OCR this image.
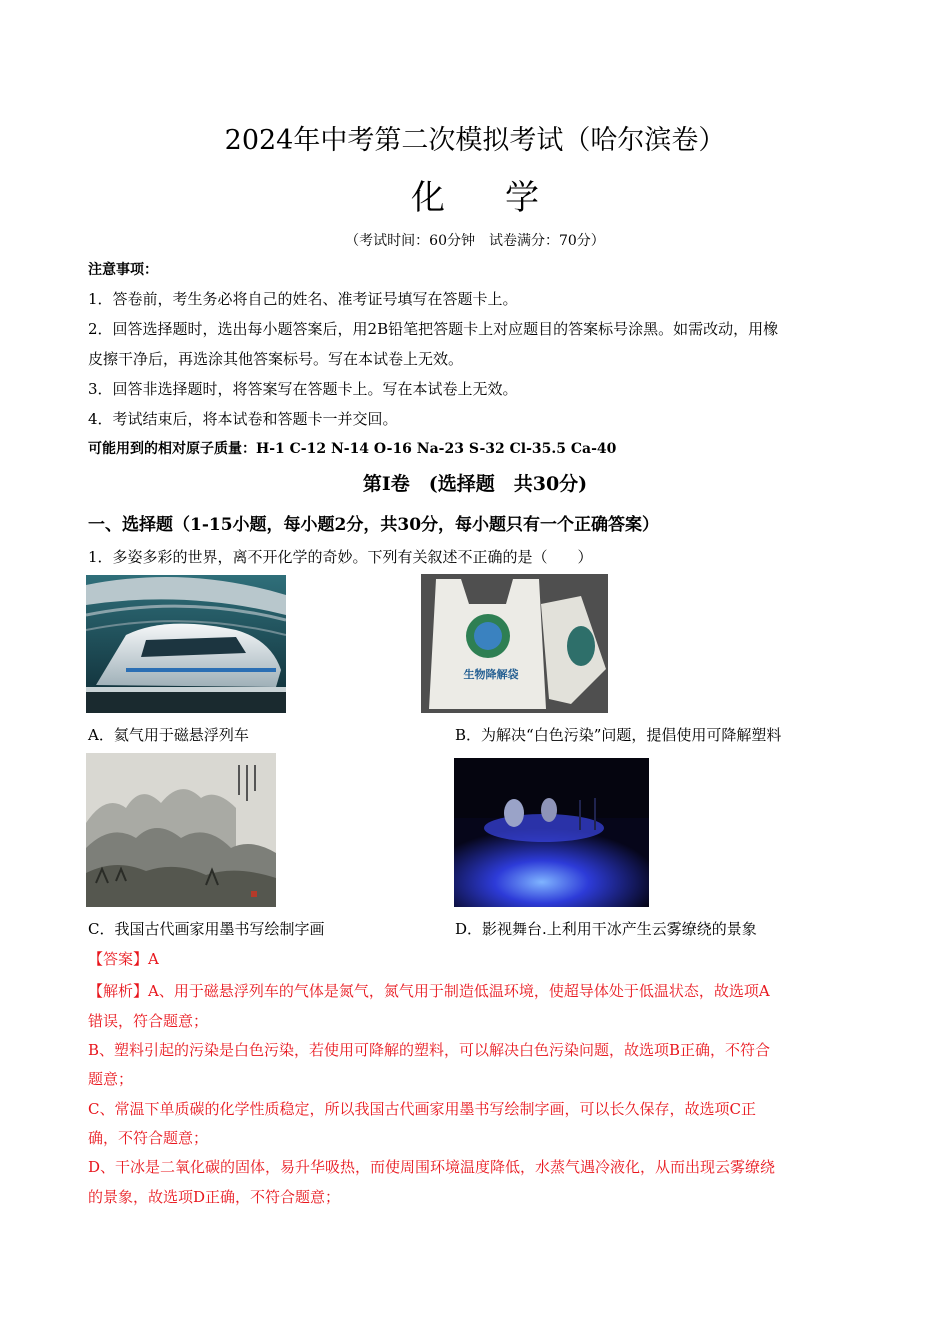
2024年中考第二次模拟考试（哈尔滨卷）
化 学
（考试时间：60分钟　试卷满分：70分）
注意事项：
1．答卷前，考生务必将自己的姓名、准考证号填写在答题卡上。
2．回答选择题时，选出每小题答案后，用2B铅笔把答题卡上对应题目的答案标号涂黑。如需改动，用橡
皮擦干净后，再选涂其他答案标号。写在本试卷上无效。
3．回答非选择题时，将答案写在答题卡上。写在本试卷上无效。
4．考试结束后，将本试卷和答题卡一并交回。
可能用到的相对原子质量：H-1 C-12 N-14 O-16 Na-23 S-32 Cl-35.5 Ca-40
第Ⅰ卷　(选择题　共30分)
一、选择题（1-15小题，每小题2分，共30分，每小题只有一个正确答案）
1．多姿多彩的世界，离不开化学的奇妙。下列有关叙述不正确的是（　　）
生物降解袋
A．氦气用于磁悬浮列车	B．为解决“白色污染”问题，提倡使用可降解塑料
C．我国古代画家用墨书写绘制字画	D．影视舞台.上利用干冰产生云雾缭绕的景象
【答案】A
【解析】A、用于磁悬浮列车的气体是氮气，氮气用于制造低温环境，使超导体处于低温状态，故选项A
错误，符合题意；
B、塑料引起的污染是白色污染，若使用可降解的塑料，可以解决白色污染问题，故选项B正确，不符合
题意；
C、常温下单质碳的化学性质稳定，所以我国古代画家用墨书写绘制字画，可以长久保存，故选项C正
确，不符合题意；
D、干冰是二氧化碳的固体，易升华吸热，而使周围环境温度降低，水蒸气遇冷液化，从而出现云雾缭绕
的景象，故选项D正确，不符合题意；
